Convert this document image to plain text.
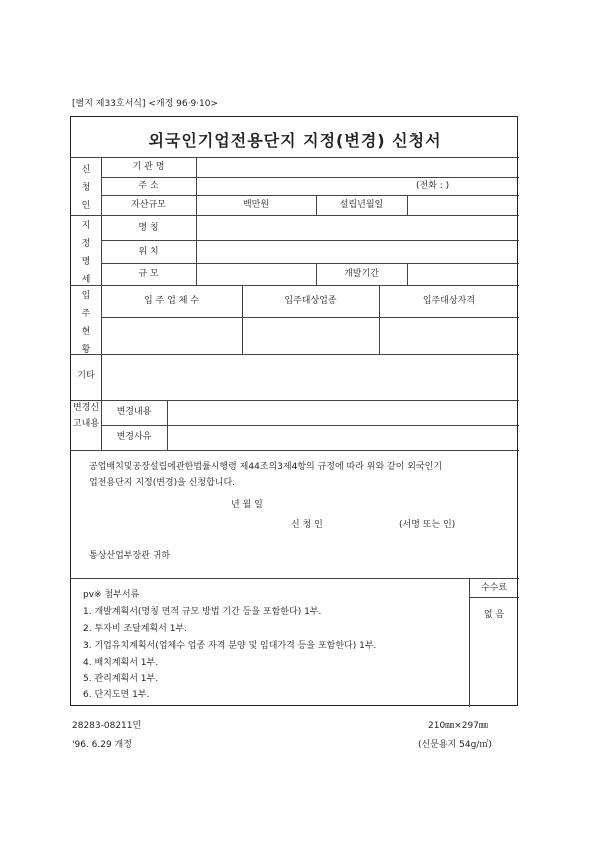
[별지 제33호서식] <개정 96·9·10>
외국인기업전용단지 지정(변경) 신청서
신청인
기 관 명
주 소	(전화 : )
자산규모	백만원	설립년월일
지정명세
명 칭
위 치
규 모	개발기간
입주현황
입 주 업 체 수	입주대상업종	입주대상자격
기타
변경신고내용
변경내용
변경사유
공업배치및공장설립에관한법률시행령 제44조의3제4항의 규정에 따라 위와 같이 외국인기
업전용단지 지정(변경)을 신청합니다.
년 월 일
신 청 인	(서명 또는 인)
통상산업부장관 귀하
pv※ 첨부서류
1. 개발계획서(명칭 면적 규모 방법 기간 등을 포함한다) 1부.
2. 투자비 조달계획서 1부.
3. 기업유치계획서(업체수 업종 자격 분양 및 임대가격 등을 포함한다) 1부.
4. 배치계획서 1부.
5. 관리계획서 1부.
6. 단지도면 1부.
수수료
없 음
28283-08211민	210㎜×297㎜
'96. 6.29 개정	(신문용지 54g/㎡)
